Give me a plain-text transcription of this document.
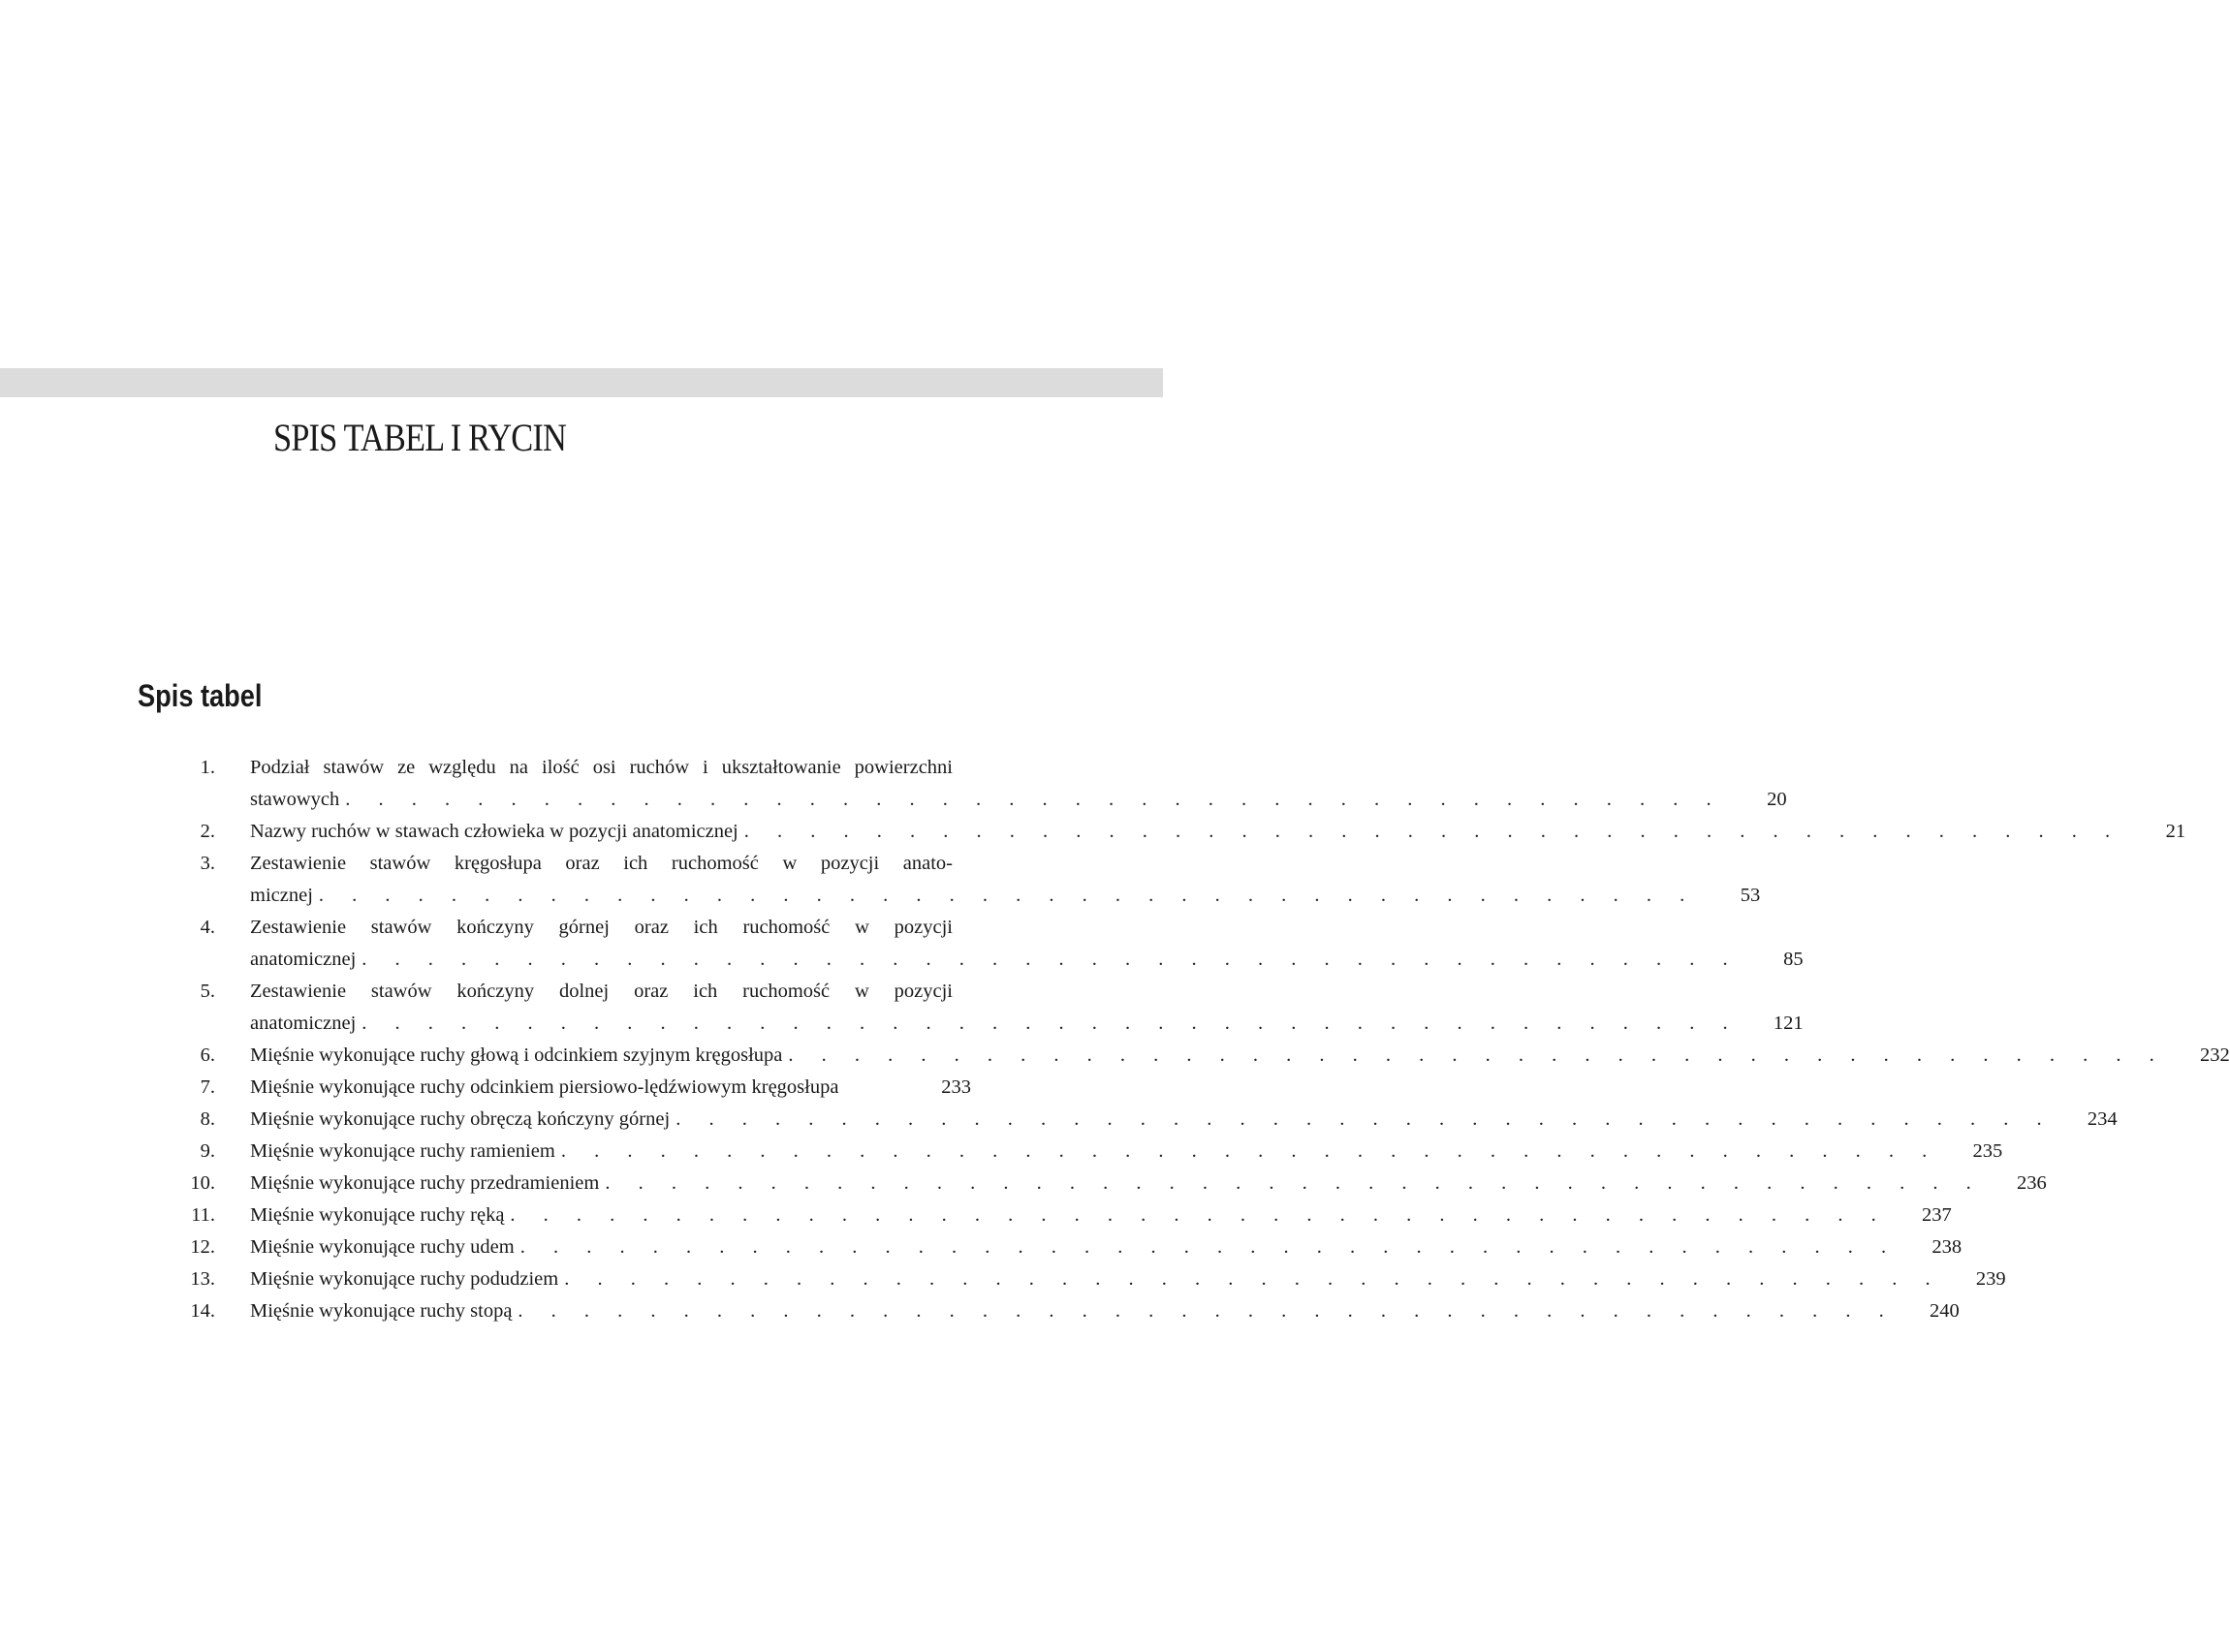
SPIS TABEL I RYCIN
Spis tabel
1. Podział stawów ze względu na ilość osi ruchów i ukształtowanie powierzchni
stawowych . . . . . . . . . . . . . . . . . . . . . . . . . . . . . . . . . . . . . . . . . .	20
2. Nazwy ruchów w stawach człowieka w pozycji anatomicznej . . . . . . . . . . . . . . . . . . . . . . . . . . . . . . . . . . . . . . . . . .	21
3. Zestawienie stawów kręgosłupa oraz ich ruchomość w pozycji anato-
micznej . . . . . . . . . . . . . . . . . . . . . . . . . . . . . . . . . . . . . . . . . .	53
4. Zestawienie stawów kończyny górnej oraz ich ruchomość w pozycji
anatomicznej . . . . . . . . . . . . . . . . . . . . . . . . . . . . . . . . . . . . . . . . . .	85
5. Zestawienie stawów kończyny dolnej oraz ich ruchomość w pozycji
anatomicznej . . . . . . . . . . . . . . . . . . . . . . . . . . . . . . . . . . . . . . . . . .	121
6. Mięśnie wykonujące ruchy głową i odcinkiem szyjnym kręgosłupa . . . . . . . . . . . . . . . . . . . . . . . . . . . . . . . . . . . . . . . . . .	232
7. Mięśnie wykonujące ruchy odcinkiem piersiowo-lędźwiowym kręgosłupa	233
8. Mięśnie wykonujące ruchy obręczą kończyny górnej . . . . . . . . . . . . . . . . . . . . . . . . . . . . . . . . . . . . . . . . . .	234
9. Mięśnie wykonujące ruchy ramieniem . . . . . . . . . . . . . . . . . . . . . . . . . . . . . . . . . . . . . . . . . .	235
10. Mięśnie wykonujące ruchy przedramieniem . . . . . . . . . . . . . . . . . . . . . . . . . . . . . . . . . . . . . . . . . .	236
11. Mięśnie wykonujące ruchy ręką . . . . . . . . . . . . . . . . . . . . . . . . . . . . . . . . . . . . . . . . . .	237
12. Mięśnie wykonujące ruchy udem . . . . . . . . . . . . . . . . . . . . . . . . . . . . . . . . . . . . . . . . . .	238
13. Mięśnie wykonujące ruchy podudziem . . . . . . . . . . . . . . . . . . . . . . . . . . . . . . . . . . . . . . . . . .	239
14. Mięśnie wykonujące ruchy stopą . . . . . . . . . . . . . . . . . . . . . . . . . . . . . . . . . . . . . . . . . .	240
